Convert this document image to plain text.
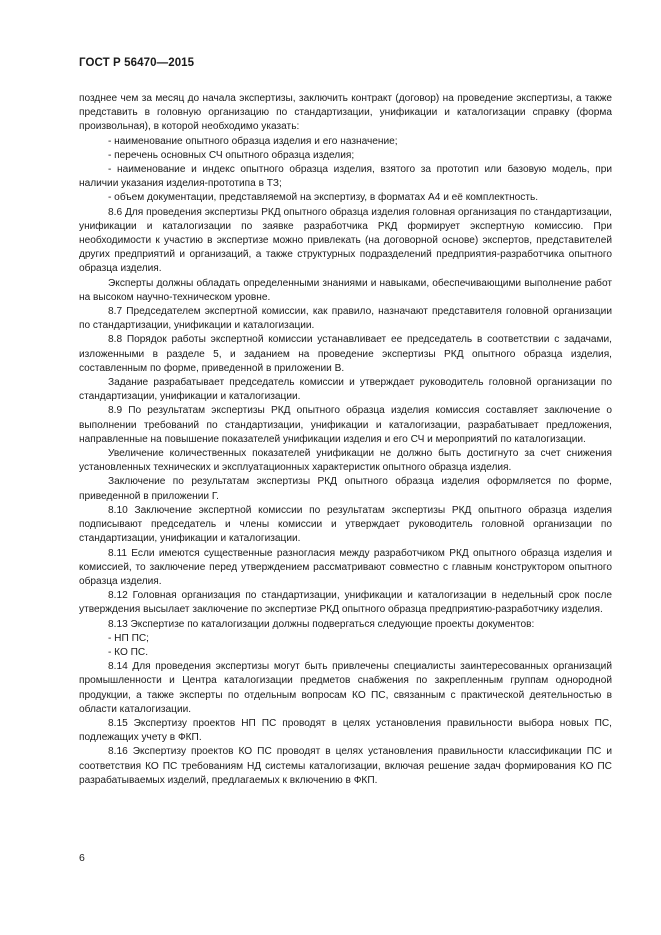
ГОСТ Р 56470—2015

позднее чем за месяц до начала экспертизы, заключить контракт (договор) на проведение экспертизы, а также представить в головную организацию по стандартизации, унификации и каталогизации справку (форма произвольная), в которой необходимо указать:

- наименование опытного образца изделия и его назначение;

- перечень основных СЧ опытного образца изделия;

- наименование и индекс опытного образца изделия, взятого за прототип или базовую модель, при наличии указания изделия-прототипа в ТЗ;

- объем документации, представляемой на экспертизу, в форматах А4 и её комплектность.

8.6 Для проведения экспертизы РКД опытного образца изделия головная организация по стандартизации, унификации и каталогизации по заявке разработчика РКД формирует экспертную комиссию. При необходимости к участию в экспертизе можно привлекать (на договорной основе) экспертов, представителей других предприятий и организаций, а также структурных подразделений предприятия-разработчика опытного образца изделия.

Эксперты должны обладать определенными знаниями и навыками, обеспечивающими выполнение работ на высоком научно-техническом уровне.

8.7 Председателем экспертной комиссии, как правило, назначают представителя головной организации по стандартизации, унификации и каталогизации.

8.8 Порядок работы экспертной комиссии устанавливает ее председатель в соответствии с задачами, изложенными в разделе 5, и заданием на проведение экспертизы РКД опытного образца изделия, составленным по форме, приведенной в приложении В.

Задание разрабатывает председатель комиссии и утверждает руководитель головной организации по стандартизации, унификации и каталогизации.

8.9 По результатам экспертизы РКД опытного образца изделия комиссия составляет заключение о выполнении требований по стандартизации, унификации и каталогизации, разрабатывает предложения, направленные на повышение показателей унификации изделия и его СЧ и мероприятий по каталогизации.

Увеличение количественных показателей унификации не должно быть достигнуто за счет снижения установленных технических и эксплуатационных характеристик опытного образца изделия.

Заключение по результатам экспертизы РКД опытного образца изделия оформляется по форме, приведенной в приложении Г.

8.10 Заключение экспертной комиссии по результатам экспертизы РКД опытного образца изделия подписывают председатель и члены комиссии и утверждает руководитель головной организации по стандартизации, унификации и каталогизации.

8.11 Если имеются существенные разногласия между разработчиком РКД опытного образца изделия и комиссией, то заключение перед утверждением рассматривают совместно с главным конструктором опытного образца изделия.

8.12 Головная организация по стандартизации, унификации и каталогизации в недельный срок после утверждения высылает заключение по экспертизе РКД опытного образца предприятию-разработчику изделия.

8.13 Экспертизе по каталогизации должны подвергаться следующие проекты документов:

- НП ПС;

- КО ПС.

8.14 Для проведения экспертизы могут быть привлечены специалисты заинтересованных организаций промышленности и Центра каталогизации предметов снабжения по закрепленным группам однородной продукции, а также эксперты по отдельным вопросам КО ПС, связанным с практической деятельностью в области каталогизации.

8.15 Экспертизу проектов НП ПС проводят в целях установления правильности выбора новых ПС, подлежащих учету в ФКП.

8.16 Экспертизу проектов КО ПС проводят в целях установления правильности классификации ПС и соответствия КО ПС требованиям НД системы каталогизации, включая решение задач формирования КО ПС разрабатываемых изделий, предлагаемых к включению в ФКП.

6
